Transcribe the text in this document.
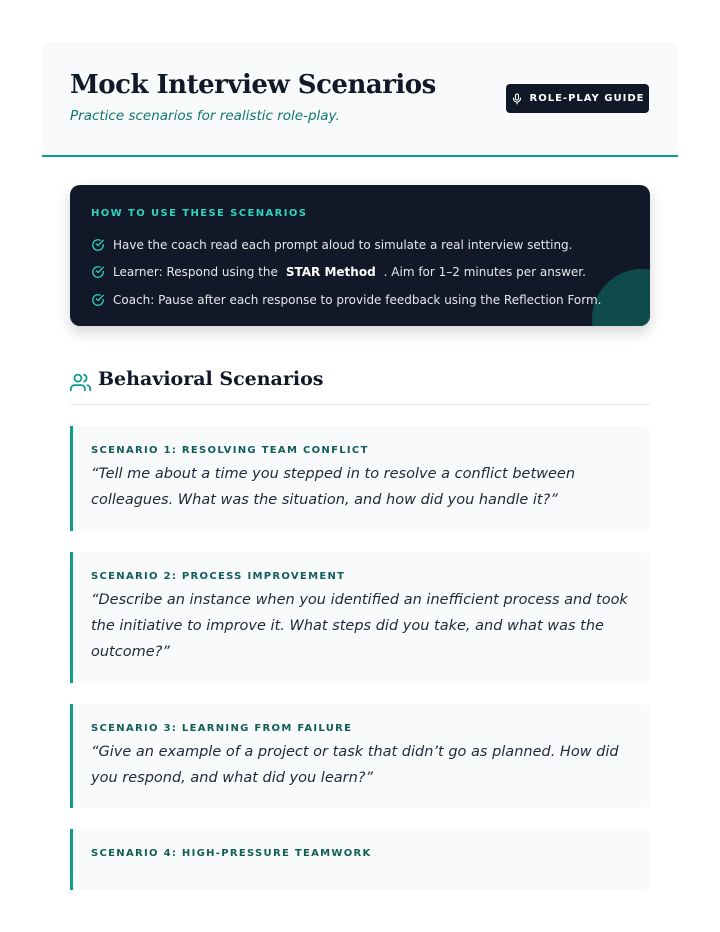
Mock Interview Scenarios
Practice scenarios for realistic role-play.
ROLE-PLAY GUIDE
HOW TO USE THESE SCENARIOS
Have the coach read each prompt aloud to simulate a real interview setting.
Learner: Respond using the STAR Method . Aim for 1–2 minutes per answer.
Coach: Pause after each response to provide feedback using the Reflection Form.
Behavioral Scenarios
SCENARIO 1: RESOLVING TEAM CONFLICT
“Tell me about a time you stepped in to resolve a conflict between colleagues. What was the situation, and how did you handle it?”
SCENARIO 2: PROCESS IMPROVEMENT
“Describe an instance when you identified an inefficient process and took the initiative to improve it. What steps did you take, and what was the outcome?”
SCENARIO 3: LEARNING FROM FAILURE
“Give an example of a project or task that didn’t go as planned. How did you respond, and what did you learn?”
SCENARIO 4: HIGH-PRESSURE TEAMWORK
